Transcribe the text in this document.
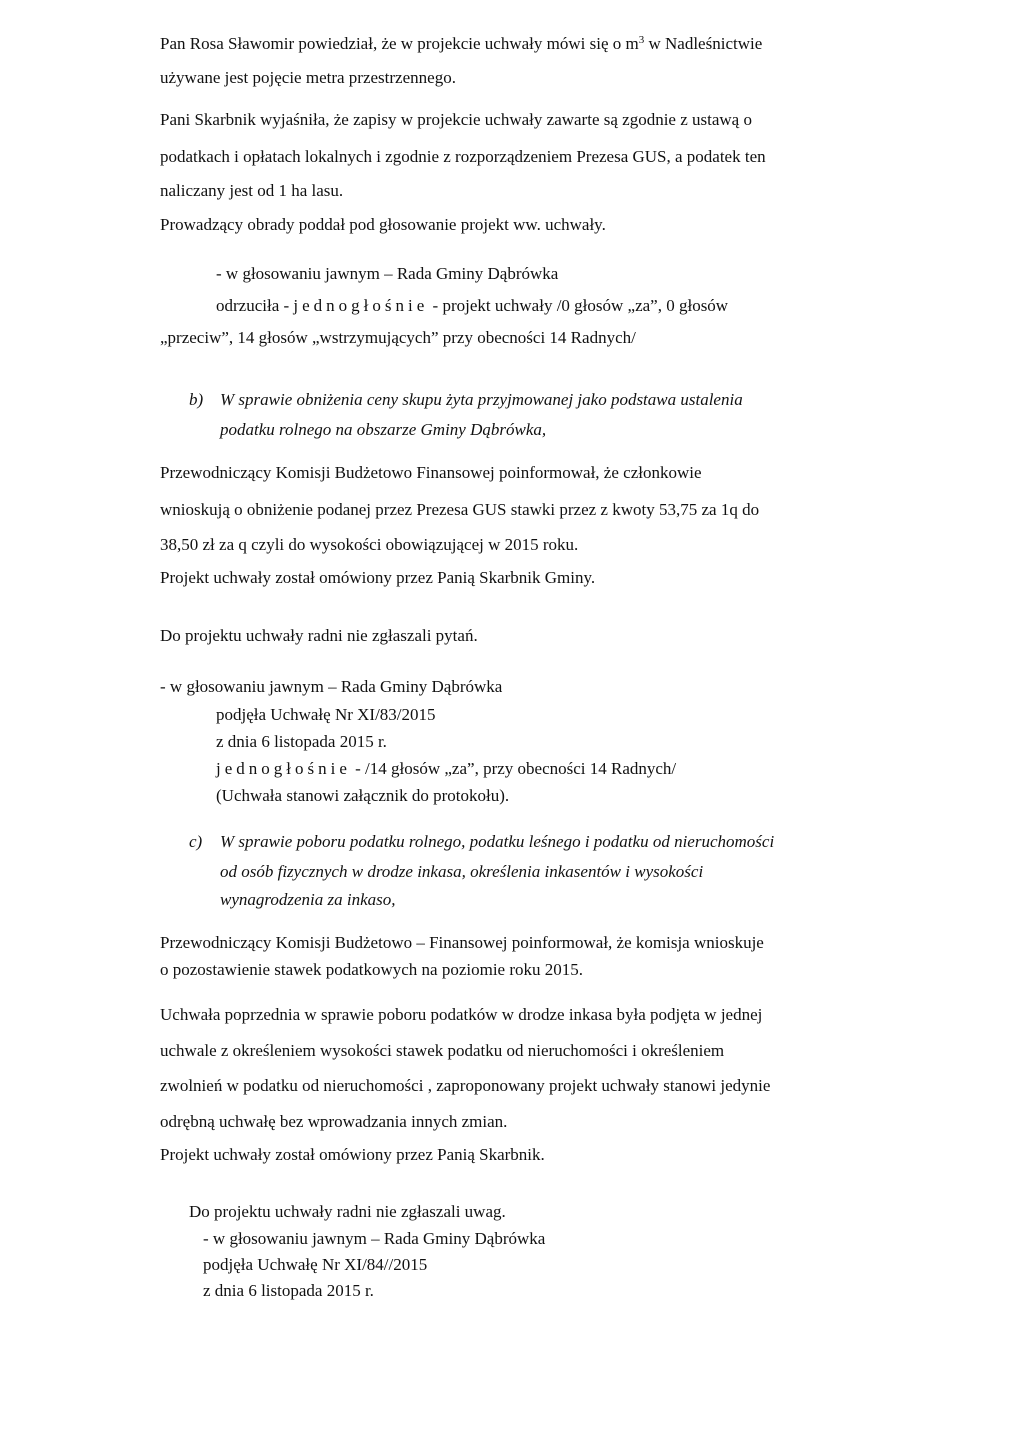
Pan Rosa Sławomir powiedział, że w projekcie uchwały mówi się o $m^3$ w Nadleśnictwie
używane jest pojęcie metra przestrzennego.
Pani Skarbnik wyjaśniła, że zapisy w projekcie uchwały zawarte są zgodnie z ustawą o
podatkach i opłatach lokalnych i zgodnie z rozporządzeniem Prezesa GUS, a podatek ten
naliczany jest od 1 ha lasu.
Prowadzący obrady poddał pod głosowanie projekt ww. uchwały.
- w głosowaniu jawnym – Rada Gminy Dąbrówka
odrzuciła - jednogłośnie - projekt uchwały /0 głosów „za”, 0 głosów
„przeciw”, 14 głosów „wstrzymujących” przy obecności 14 Radnych/
b) W sprawie obniżenia ceny skupu żyta przyjmowanej jako podstawa ustalenia
podatku rolnego na obszarze Gminy Dąbrówka,
Przewodniczący Komisji Budżetowo Finansowej poinformował, że członkowie
wnioskują o obniżenie podanej przez Prezesa GUS stawki przez z kwoty 53,75 za 1q do
38,50 zł za q czyli do wysokości obowiązującej w 2015 roku.
Projekt uchwały został omówiony przez Panią Skarbnik Gminy.
Do projektu uchwały radni nie zgłaszali pytań.
- w głosowaniu jawnym – Rada Gminy Dąbrówka
podjęła Uchwałę Nr XI/83/2015
z dnia 6 listopada 2015 r.
jednogłośnie - /14 głosów „za”, przy obecności 14 Radnych/
(Uchwała stanowi załącznik do protokołu).
c) W sprawie poboru podatku rolnego, podatku leśnego i podatku od nieruchomości
od osób fizycznych w drodze inkasa, określenia inkasentów i wysokości
wynagrodzenia za inkaso,
Przewodniczący Komisji Budżetowo – Finansowej poinformował, że komisja wnioskuje
o pozostawienie stawek podatkowych na poziomie roku 2015.
Uchwała poprzednia w sprawie poboru podatków w drodze inkasa była podjęta w jednej
uchwale z określeniem wysokości stawek podatku od nieruchomości i określeniem
zwolnień w podatku od nieruchomości , zaproponowany projekt uchwały stanowi jedynie
odrębną uchwałę bez wprowadzania innych zmian.
Projekt uchwały został omówiony przez Panią Skarbnik.
Do projektu uchwały radni nie zgłaszali uwag.
- w głosowaniu jawnym – Rada Gminy Dąbrówka
podjęła Uchwałę Nr XI/84//2015
z dnia 6 listopada 2015 r.
